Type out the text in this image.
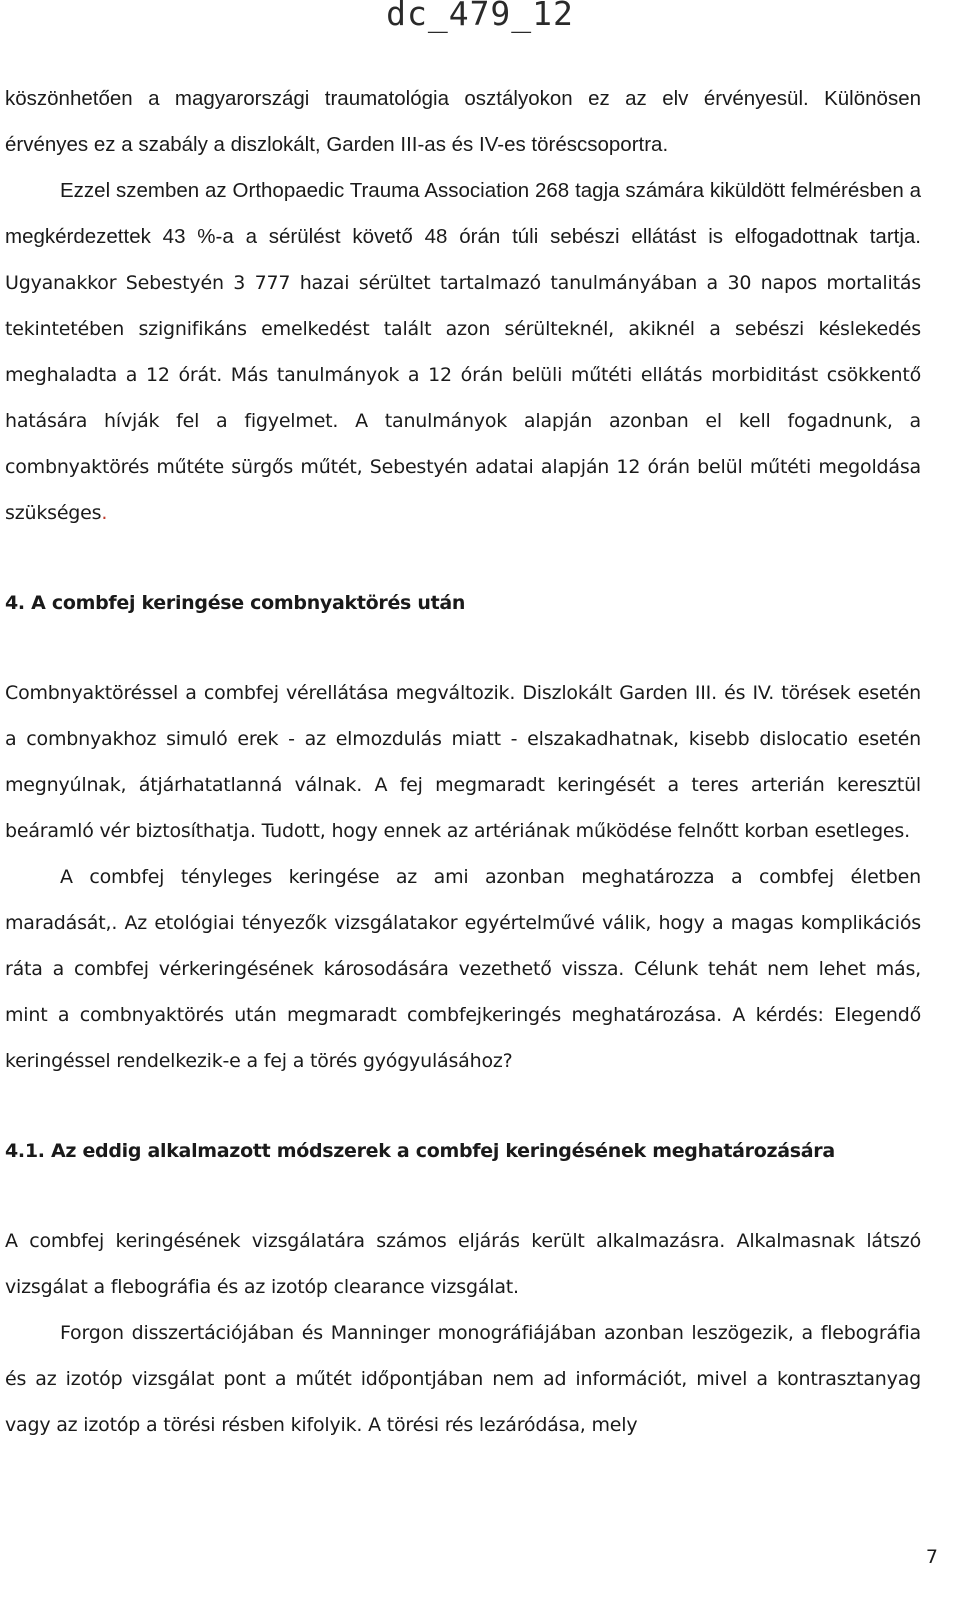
dc_479_12

köszönhetően a magyarországi traumatológia osztályokon ez az elv érvényesül. Különösen érvényes ez a szabály a diszlokált, Garden III-as és IV-es töréscsoportra.

Ezzel szemben az Orthopaedic Trauma Association 268 tagja számára kiküldött felmérésben a megkérdezettek 43 %-a a sérülést követő 48 órán túli sebészi ellátást is elfogadottnak tartja. Ugyanakkor Sebestyén 3 777 hazai sérültet tartalmazó tanulmányában a 30 napos mortalitás tekintetében szignifikáns emelkedést talált azon sérülteknél, akiknél a sebészi késlekedés meghaladta a 12 órát. Más tanulmányok a 12 órán belüli műtéti ellátás morbiditást csökkentő hatására hívják fel a figyelmet. A tanulmányok alapján azonban el kell fogadnunk, a combnyaktörés műtéte sürgős műtét, Sebestyén adatai alapján 12 órán belül műtéti megoldása szükséges.

4. A combfej keringése combnyaktörés után

Combnyaktöréssel a combfej vérellátása megváltozik. Diszlokált Garden III. és IV. törések esetén a combnyakhoz simuló erek - az elmozdulás miatt - elszakadhatnak, kisebb dislocatio esetén megnyúlnak, átjárhatatlanná válnak. A fej megmaradt keringését a teres arterián keresztül beáramló vér biztosíthatja. Tudott, hogy ennek az artériának működése felnőtt korban esetleges.

A combfej tényleges keringése az ami azonban meghatározza a combfej életben maradását,. Az etológiai tényezők vizsgálatakor egyértelművé válik, hogy a magas komplikációs ráta a combfej vérkeringésének károsodására vezethető vissza. Célunk tehát nem lehet más, mint a combnyaktörés után megmaradt combfejkeringés meghatározása. A kérdés: Elegendő keringéssel rendelkezik-e a fej a törés gyógyulásához?

4.1. Az eddig alkalmazott módszerek a combfej keringésének meghatározására

A combfej keringésének vizsgálatára számos eljárás került alkalmazásra. Alkalmasnak látszó vizsgálat a flebográfia és az izotóp clearance vizsgálat.

Forgon disszertációjában és Manninger monográfiájában azonban leszögezik, a flebográfia és az izotóp vizsgálat pont a műtét időpontjában nem ad információt, mivel a kontrasztanyag vagy az izotóp a törési résben kifolyik. A törési rés lezáródása, mely

7
